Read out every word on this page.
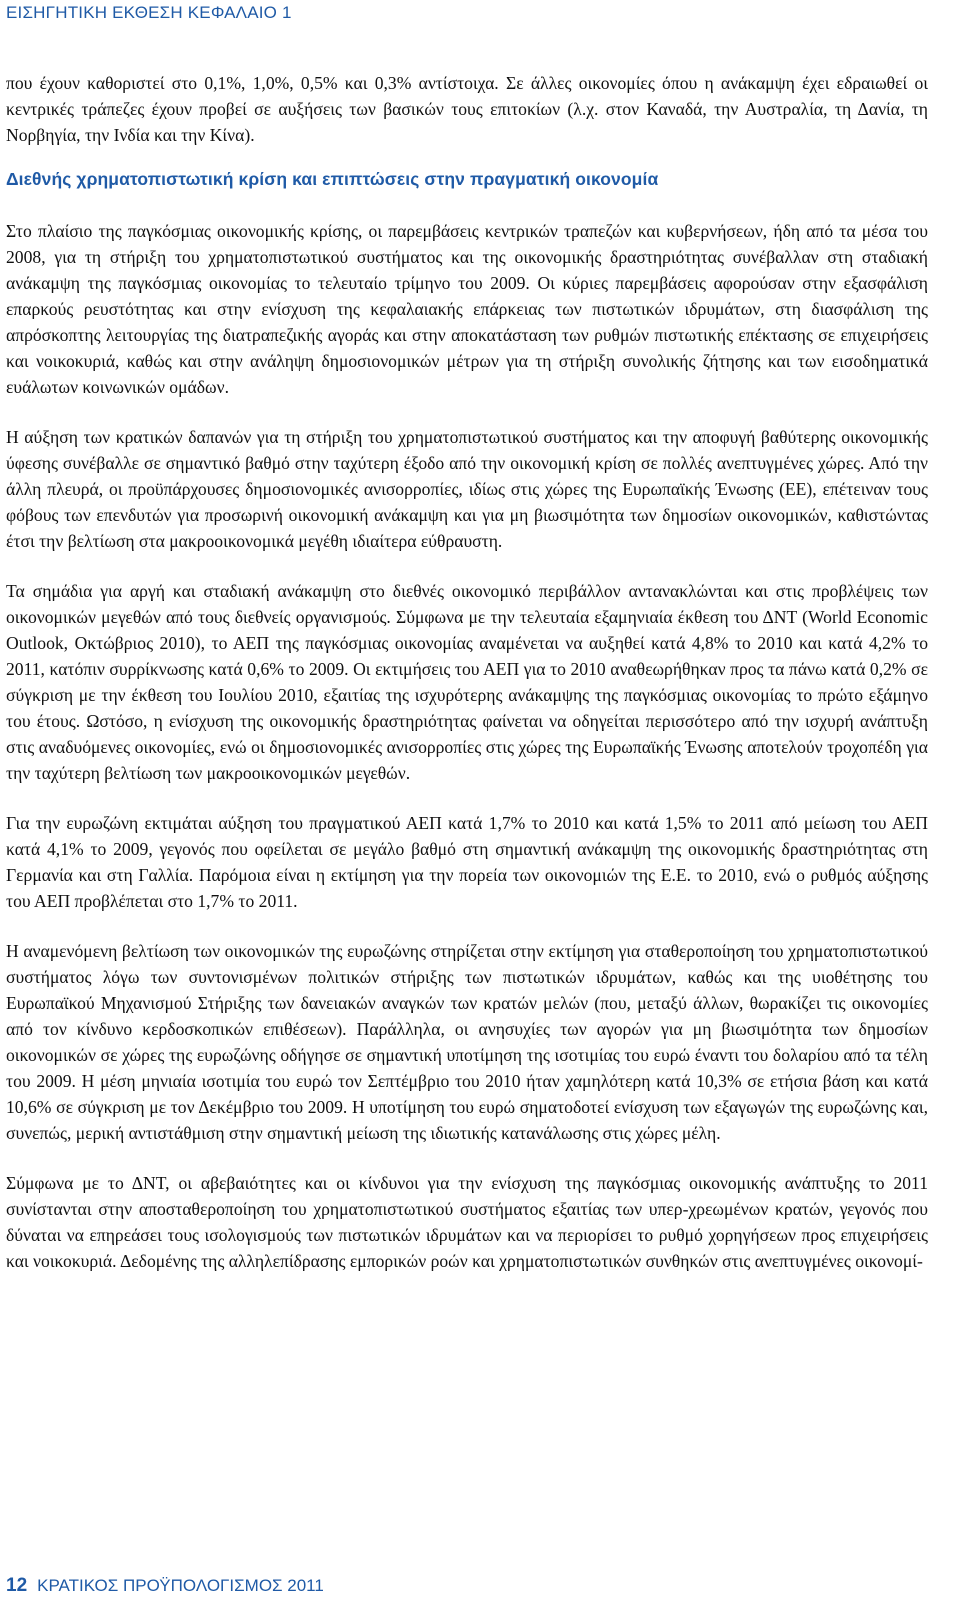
ΕΙΣΗΓΗΤΙΚΗ ΕΚΘΕΣΗ ΚΕΦΑΛΑΙΟ 1

που έχουν καθοριστεί στο 0,1%, 1,0%, 0,5% και 0,3% αντίστοιχα. Σε άλλες οικονομίες όπου η ανάκαμψη έχει εδραιωθεί οι κεντρικές τράπεζες έχουν προβεί σε αυξήσεις των βασικών τους επιτοκίων (λ.χ. στον Καναδά, την Αυστραλία, τη Δανία, τη Νορβηγία, την Ινδία και την Κίνα).

Διεθνής χρηματοπιστωτική κρίση και επιπτώσεις στην πραγματική οικονομία

Στο πλαίσιο της παγκόσμιας οικονομικής κρίσης, οι παρεμβάσεις κεντρικών τραπεζών και κυβερνήσεων, ήδη από τα μέσα του 2008, για τη στήριξη του χρηματοπιστωτικού συστήματος και της οικονομικής δραστηριότητας συνέβαλλαν στη σταδιακή ανάκαμψη της παγκόσμιας οικονομίας το τελευταίο τρίμηνο του 2009. Οι κύριες παρεμβάσεις αφορούσαν στην εξασφάλιση επαρκούς ρευστότητας και στην ενίσχυση της κεφαλαιακής επάρκειας των πιστωτικών ιδρυμάτων, στη διασφάλιση της απρόσκοπτης λειτουργίας της διατραπεζικής αγοράς και στην αποκατάσταση των ρυθμών πιστωτικής επέκτασης σε επιχειρήσεις και νοικοκυριά, καθώς και στην ανάληψη δημοσιονομικών μέτρων για τη στήριξη συνολικής ζήτησης και των εισοδηματικά ευάλωτων κοινωνικών ομάδων.

Η αύξηση των κρατικών δαπανών για τη στήριξη του χρηματοπιστωτικού συστήματος και την αποφυγή βαθύτερης οικονομικής ύφεσης συνέβαλλε σε σημαντικό βαθμό στην ταχύτερη έξοδο από την οικονομική κρίση σε πολλές ανεπτυγμένες χώρες. Από την άλλη πλευρά, οι προϋπάρχουσες δημοσιονομικές ανισορροπίες, ιδίως στις χώρες της Ευρωπαϊκής Ένωσης (ΕΕ), επέτειναν τους φόβους των επενδυτών για προσωρινή οικονομική ανάκαμψη και για μη βιωσιμότητα των δημοσίων οικονομικών, καθιστώντας έτσι την βελτίωση στα μακροοικονομικά μεγέθη ιδιαίτερα εύθραυστη.

Τα σημάδια για αργή και σταδιακή ανάκαμψη στο διεθνές οικονομικό περιβάλλον αντανακλώνται και στις προβλέψεις των οικονομικών μεγεθών από τους διεθνείς οργανισμούς. Σύμφωνα με την τελευταία εξαμηνιαία έκθεση του ΔΝΤ (World Economic Outlook, Οκτώβριος 2010), το ΑΕΠ της παγκόσμιας οικονομίας αναμένεται να αυξηθεί κατά 4,8% το 2010 και κατά 4,2% το 2011, κατόπιν συρρίκνωσης κατά 0,6% το 2009. Οι εκτιμήσεις του ΑΕΠ για το 2010 αναθεωρήθηκαν προς τα πάνω κατά 0,2% σε σύγκριση με την έκθεση του Ιουλίου 2010, εξαιτίας της ισχυρότερης ανάκαμψης της παγκόσμιας οικονομίας το πρώτο εξάμηνο του έτους. Ωστόσο, η ενίσχυση της οικονομικής δραστηριότητας φαίνεται να οδηγείται περισσότερο από την ισχυρή ανάπτυξη στις αναδυόμενες οικονομίες, ενώ οι δημοσιονομικές ανισορροπίες στις χώρες της Ευρωπαϊκής Ένωσης αποτελούν τροχοπέδη για την ταχύτερη βελτίωση των μακροοικονομικών μεγεθών.

Για την ευρωζώνη εκτιμάται αύξηση του πραγματικού ΑΕΠ κατά 1,7% το 2010 και κατά 1,5% το 2011 από μείωση του ΑΕΠ κατά 4,1% το 2009, γεγονός που οφείλεται σε μεγάλο βαθμό στη σημαντική ανάκαμψη της οικονομικής δραστηριότητας στη Γερμανία και στη Γαλλία. Παρόμοια είναι η εκτίμηση για την πορεία των οικονομιών της Ε.Ε. το 2010, ενώ ο ρυθμός αύξησης του ΑΕΠ προβλέπεται στο 1,7% το 2011.

Η αναμενόμενη βελτίωση των οικονομικών της ευρωζώνης στηρίζεται στην εκτίμηση για σταθεροποίηση του χρηματοπιστωτικού συστήματος λόγω των συντονισμένων πολιτικών στήριξης των πιστωτικών ιδρυμάτων, καθώς και της υιοθέτησης του Ευρωπαϊκού Μηχανισμού Στήριξης των δανειακών αναγκών των κρατών μελών (που, μεταξύ άλλων, θωρακίζει τις οικονομίες από τον κίνδυνο κερδοσκοπικών επιθέσεων). Παράλληλα, οι ανησυχίες των αγορών για μη βιωσιμότητα των δημοσίων οικονομικών σε χώρες της ευρωζώνης οδήγησε σε σημαντική υποτίμηση της ισοτιμίας του ευρώ έναντι του δολαρίου από τα τέλη του 2009. Η μέση μηνιαία ισοτιμία του ευρώ τον Σεπτέμβριο του 2010 ήταν χαμηλότερη κατά 10,3% σε ετήσια βάση και κατά 10,6% σε σύγκριση με τον Δεκέμβριο του 2009. Η υποτίμηση του ευρώ σηματοδοτεί ενίσχυση των εξαγωγών της ευρωζώνης και, συνεπώς, μερική αντιστάθμιση στην σημαντική μείωση της ιδιωτικής κατανάλωσης στις χώρες μέλη.

Σύμφωνα με το ΔΝΤ, οι αβεβαιότητες και οι κίνδυνοι για την ενίσχυση της παγκόσμιας οικονομικής ανάπτυξης το 2011 συνίστανται στην αποσταθεροποίηση του χρηματοπιστωτικού συστήματος εξαιτίας των υπερ-χρεωμένων κρατών, γεγονός που δύναται να επηρεάσει τους ισολογισμούς των πιστωτικών ιδρυμάτων και να περιορίσει το ρυθμό χορηγήσεων προς επιχειρήσεις και νοικοκυριά. Δεδομένης της αλληλεπίδρασης εμπορικών ροών και χρηματοπιστωτικών συνθηκών στις ανεπτυγμένες οικονομί-

12 ΚΡΑΤΙΚΟΣ ΠΡΟΫΠΟΛΟΓΙΣΜΟΣ 2011
